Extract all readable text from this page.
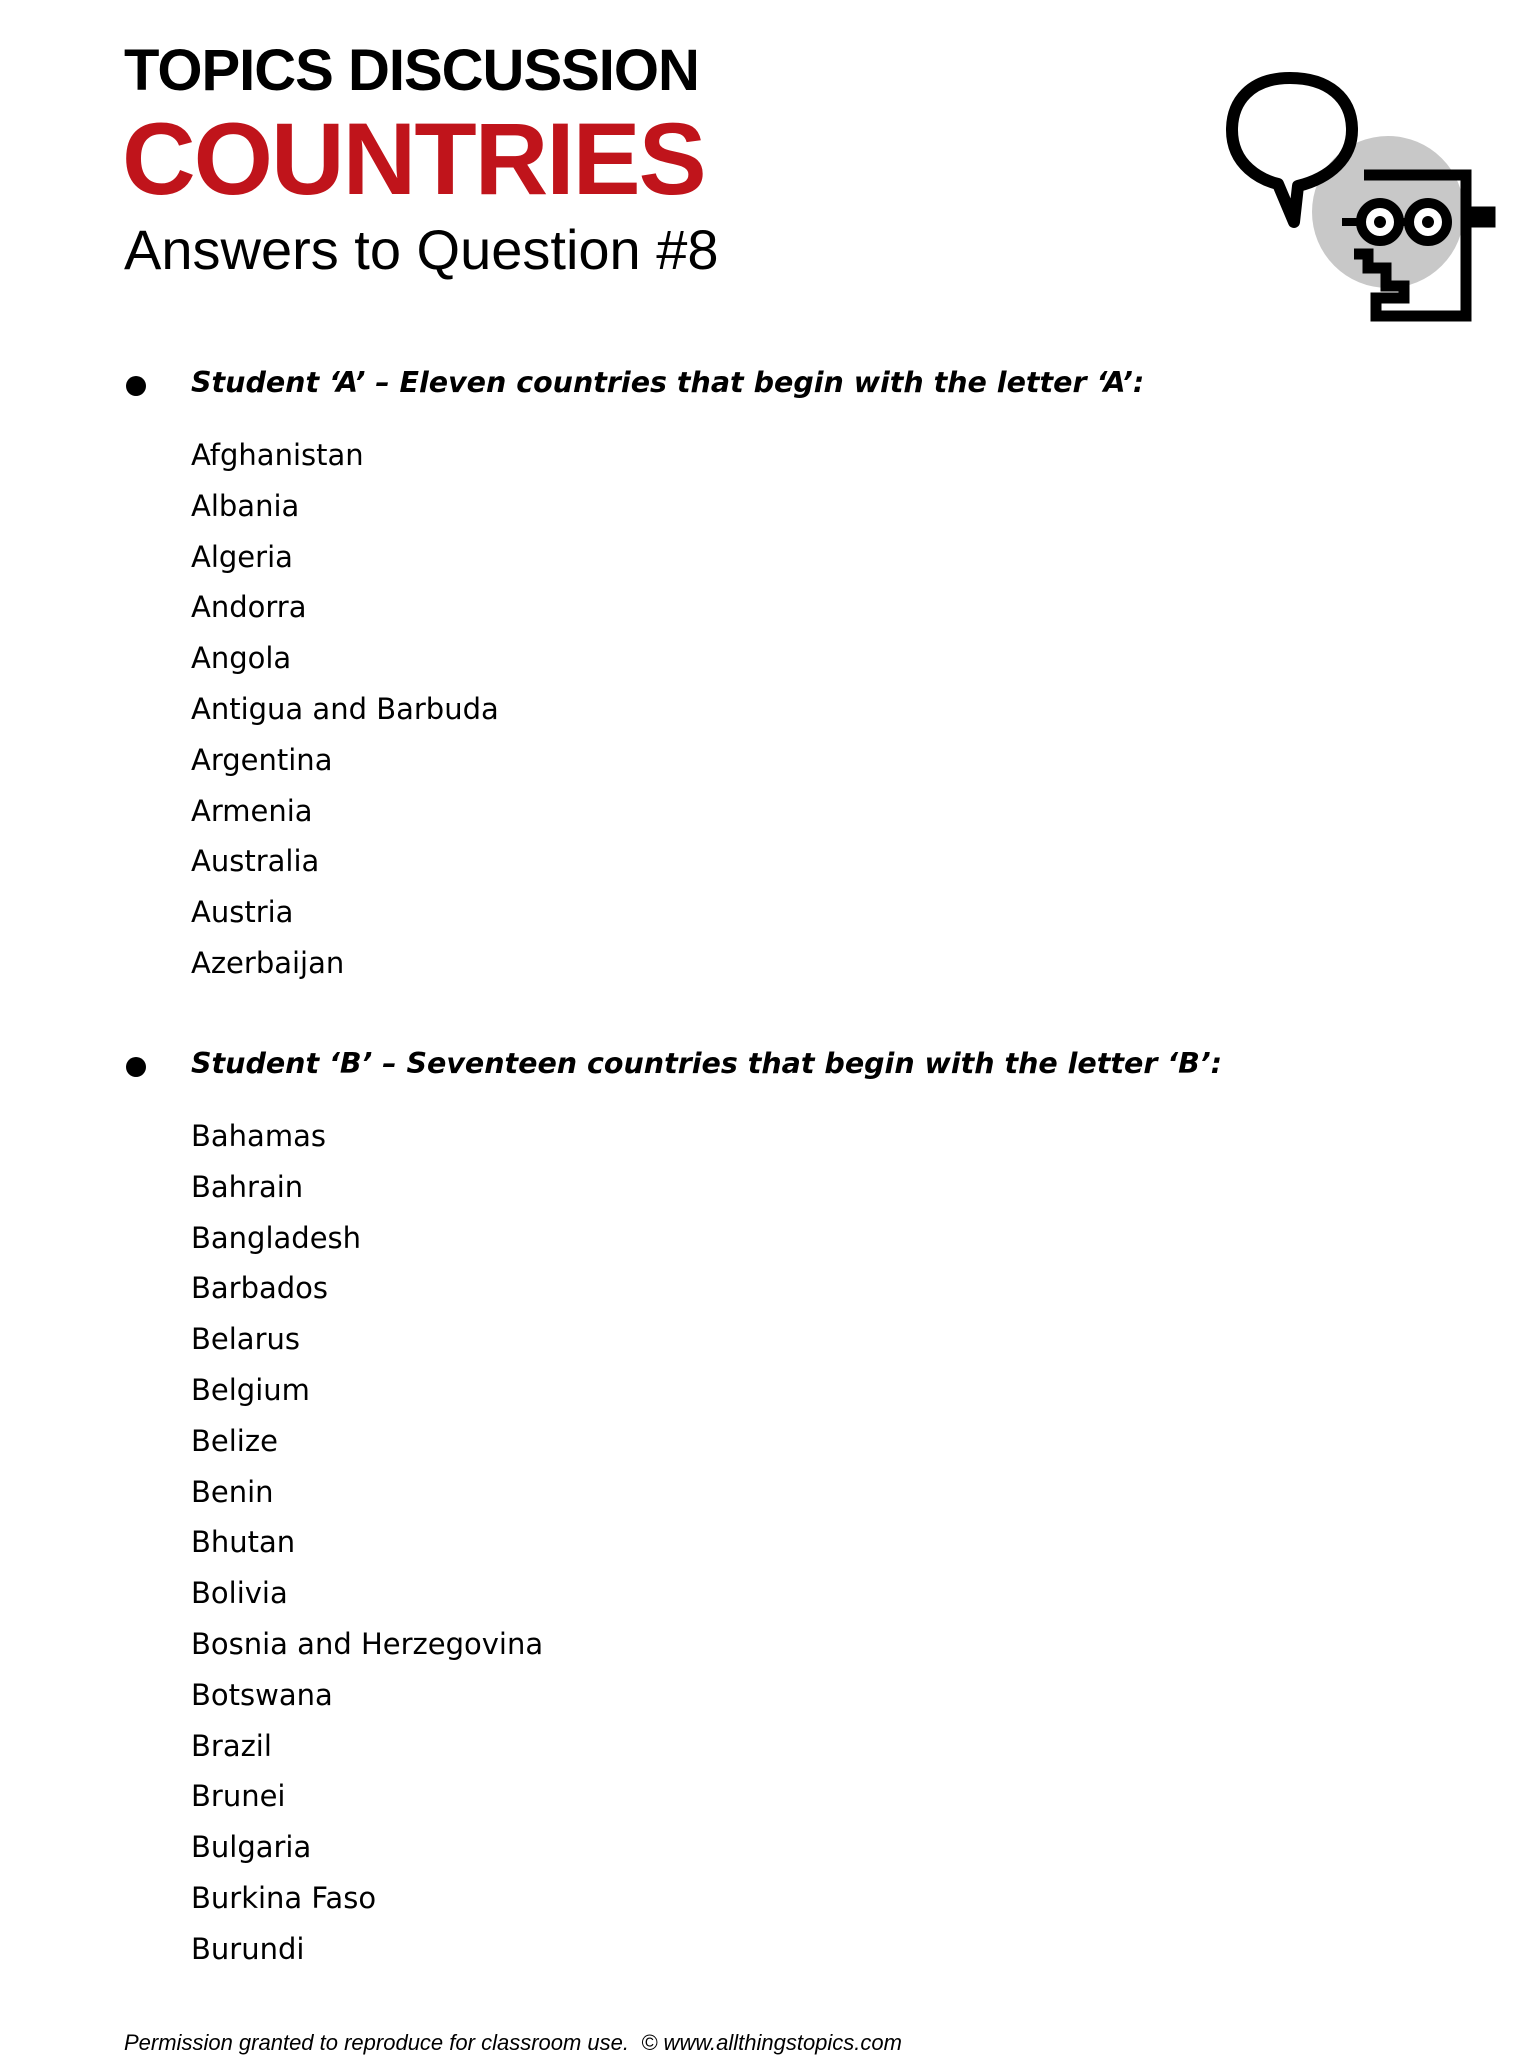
TOPICS DISCUSSION
COUNTRIES
Answers to Question #8
Student ‘A’ – Eleven countries that begin with the letter ‘A’:
Afghanistan
Albania
Algeria
Andorra
Angola
Antigua and Barbuda
Argentina
Armenia
Australia
Austria
Azerbaijan
Student ‘B’ – Seventeen countries that begin with the letter ‘B’:
Bahamas
Bahrain
Bangladesh
Barbados
Belarus
Belgium
Belize
Benin
Bhutan
Bolivia
Bosnia and Herzegovina
Botswana
Brazil
Brunei
Bulgaria
Burkina Faso
Burundi
Permission granted to reproduce for classroom use.  © www.allthingstopics.com
